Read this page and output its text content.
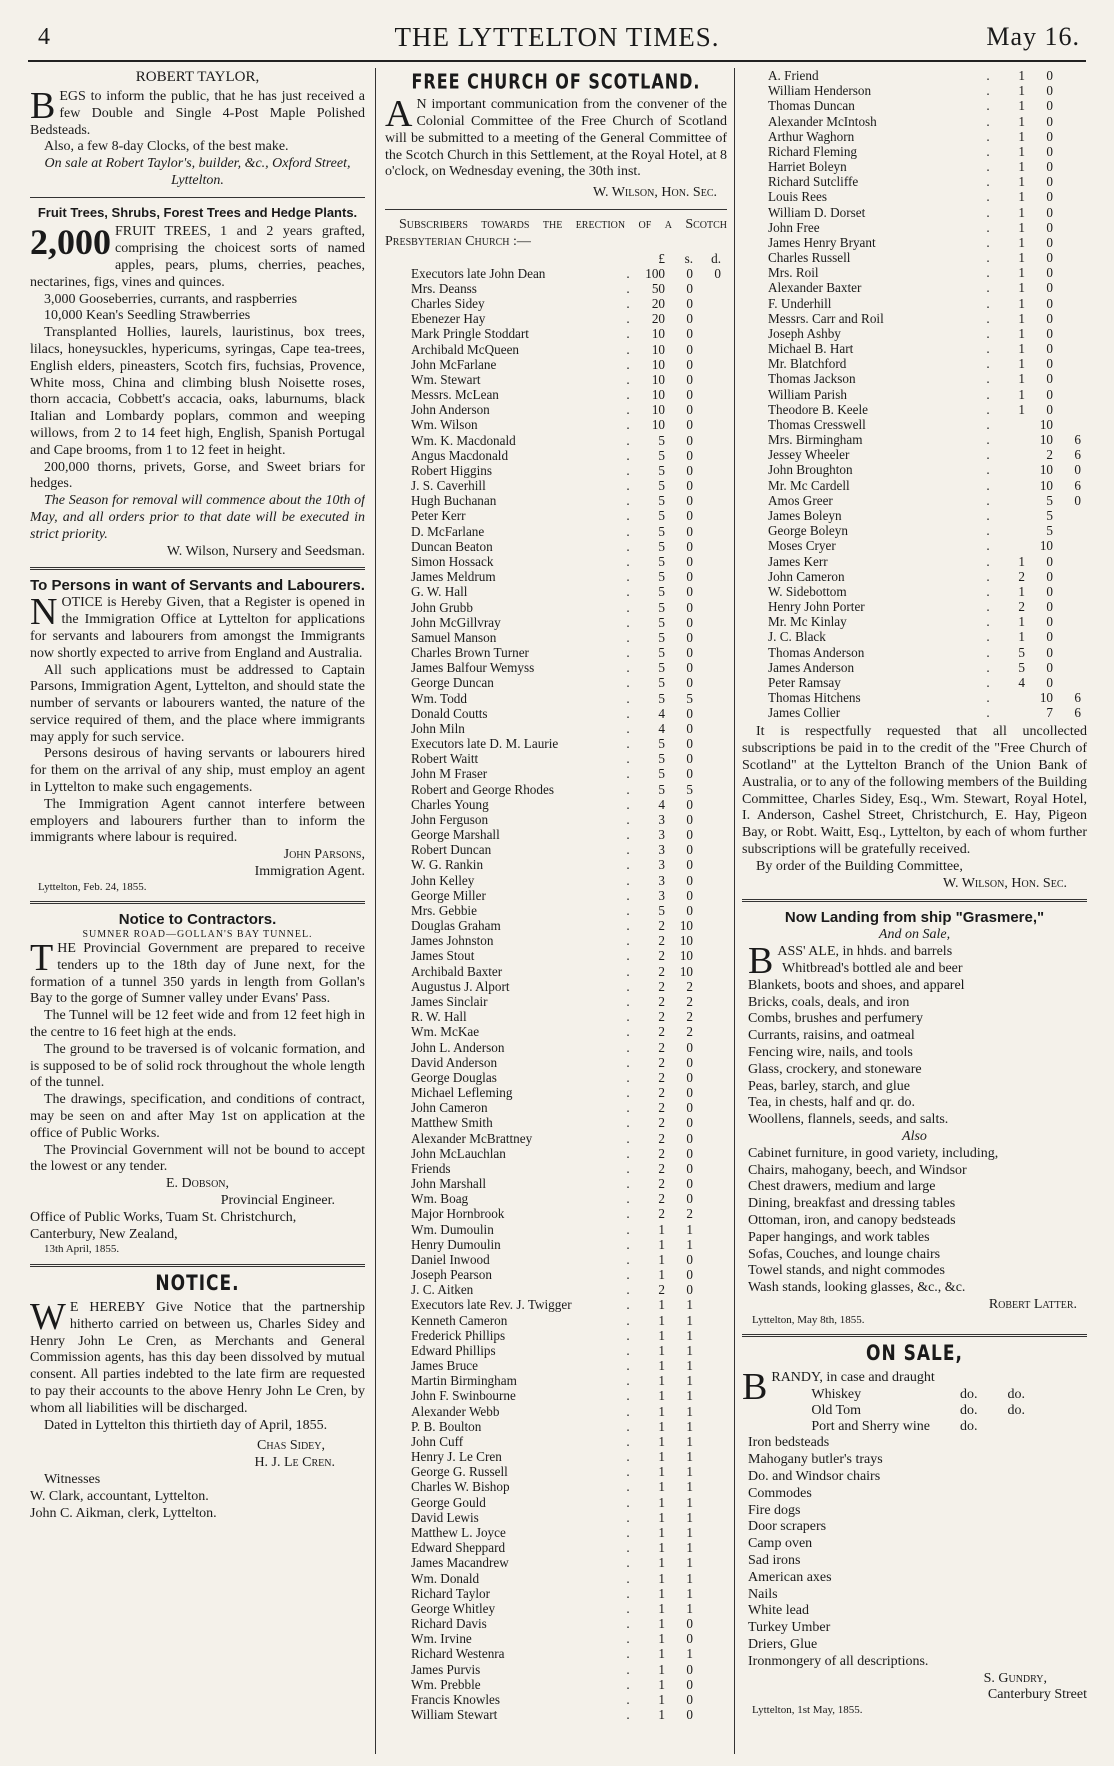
4	THE LYTTELTON TIMES.	May 16.

ROBERT TAYLOR,

BEGS to inform the public, that he has just received a few Double and Single 4-Post Maple Polished Bedsteads.

Also, a few 8-day Clocks, of the best make.

On sale at Robert Taylor's, builder, &c., Oxford Street, Lyttelton.

Fruit Trees, Shrubs, Forest Trees and Hedge Plants.

2,000 FRUIT TREES, 1 and 2 years grafted, comprising the choicest sorts of named apples, pears, plums, cherries, peaches, nectarines, figs, vines and quinces.

3,000 Gooseberries, currants, and raspberries

10,000 Kean's Seedling Strawberries

Transplanted Hollies, laurels, lauristinus, box trees, lilacs, honeysuckles, hypericums, syringas, Cape tea-trees, English elders, pineasters, Scotch firs, fuchsias, Provence, White moss, China and climbing blush Noisette roses, thorn accacia, Cobbett's accacia, oaks, laburnums, black Italian and Lombardy poplars, common and weeping willows, from 2 to 14 feet high, English, Spanish Portugal and Cape brooms, from 1 to 12 feet in height.

200,000 thorns, privets, Gorse, and Sweet briars for hedges.

The Season for removal will commence about the 10th of May, and all orders prior to that date will be executed in strict priority.

W. Wilson, Nursery and Seedsman.

To Persons in want of Servants and Labourers.

NOTICE is Hereby Given, that a Register is opened in the Immigration Office at Lyttelton for applications for servants and labourers from amongst the Immigrants now shortly expected to arrive from England and Australia.

All such applications must be addressed to Captain Parsons, Immigration Agent, Lyttelton, and should state the number of servants or labourers wanted, the nature of the service required of them, and the place where immigrants may apply for such service.

Persons desirous of having servants or labourers hired for them on the arrival of any ship, must employ an agent in Lyttelton to make such engagements.

The Immigration Agent cannot interfere between employers and labourers further than to inform the immigrants where labour is required.

John Parsons,

Immigration Agent.

Lyttelton, Feb. 24, 1855.

Notice to Contractors.

SUMNER ROAD—GOLLAN'S BAY TUNNEL.

THE Provincial Government are prepared to receive tenders up to the 18th day of June next, for the formation of a tunnel 350 yards in length from Gollan's Bay to the gorge of Sumner valley under Evans' Pass.

The Tunnel will be 12 feet wide and from 12 feet high in the centre to 16 feet high at the ends.

The ground to be traversed is of volcanic formation, and is supposed to be of solid rock throughout the whole length of the tunnel.

The drawings, specification, and conditions of contract, may be seen on and after May 1st on application at the office of Public Works.

The Provincial Government will not be bound to accept the lowest or any tender.

E. Dobson,

Provincial Engineer.

Office of Public Works, Tuam St. Christchurch, Canterbury, New Zealand,

13th April, 1855.

NOTICE.

W E HEREBY Give Notice that the partnership hitherto carried on between us, Charles Sidey and Henry John Le Cren, as Merchants and General Commission agents, has this day been dissolved by mutual consent. All parties indebted to the late firm are requested to pay their accounts to the above Henry John Le Cren, by whom all liabilities will be discharged.

Dated in Lyttelton this thirtieth day of April, 1855.

Chas Sidey,

H. J. Le Cren.

Witnesses

W. Clark, accountant, Lyttelton.

John C. Aikman, clerk, Lyttelton.

FREE CHURCH OF SCOTLAND.

A N important communication from the convener of the Colonial Committee of the Free Church of Scotland will be submitted to a meeting of the General Committee of the Scotch Church in this Settlement, at the Royal Hotel, at 8 o'clock, on Wednesday evening, the 30th inst.

W. Wilson, Hon. Sec.

Subscribers towards the erection of a Scotch Presbyterian Church :—

	£	s.	d.
Executors late John Dean	.	100	0	0
Mrs. Deanss	.	50	0	
Charles Sidey	.	20	0	
Ebenezer Hay	.	20	0	
Mark Pringle Stoddart	.	10	0	
Archibald McQueen	.	10	0	
John McFarlane	.	10	0	
Wm. Stewart	.	10	0	
Messrs. McLean	.	10	0	
John Anderson	.	10	0	
Wm. Wilson	.	10	0	
Wm. K. Macdonald	.	5	0	
Angus Macdonald	.	5	0	
Robert Higgins	.	5	0	
J. S. Caverhill	.	5	0	
Hugh Buchanan	.	5	0	
Peter Kerr	.	5	0	
D. McFarlane	.	5	0	
Duncan Beaton	.	5	0	
Simon Hossack	.	5	0	
James Meldrum	.	5	0	
G. W. Hall	.	5	0	
John Grubb	.	5	0	
John McGillvray	.	5	0	
Samuel Manson	.	5	0	
Charles Brown Turner	.	5	0	
James Balfour Wemyss	.	5	0	
George Duncan	.	5	0	
Wm. Todd	.	5	5	
Donald Coutts	.	4	0	
John Miln	.	4	0	
Executors late D. M. Laurie	.	5	0	
Robert Waitt	.	5	0	
John M Fraser	.	5	0	
Robert and George Rhodes	.	5	5	
Charles Young	.	4	0	
John Ferguson	.	3	0	
George Marshall	.	3	0	
Robert Duncan	.	3	0	
W. G. Rankin	.	3	0	
John Kelley	.	3	0	
George Miller	.	3	0	
Mrs. Gebbie	.	5	0	
Douglas Graham	.	2	10	
James Johnston	.	2	10	
James Stout	.	2	10	
Archibald Baxter	.	2	10	
Augustus J. Alport	.	2	2	
James Sinclair	.	2	2	
R. W. Hall	.	2	2	
Wm. McKae	.	2	2	
John L. Anderson	.	2	0	
David Anderson	.	2	0	
George Douglas	.	2	0	
Michael Lefleming	.	2	0	
John Cameron	.	2	0	
Matthew Smith	.	2	0	
Alexander McBrattney	.	2	0	
John McLauchlan	.	2	0	
Friends	.	2	0	
John Marshall	.	2	0	
Wm. Boag	.	2	0	
Major Hornbrook	.	2	2	
Wm. Dumoulin	.	1	1	
Henry Dumoulin	.	1	1	
Daniel Inwood	.	1	0	
Joseph Pearson	.	1	0	
J. C. Aitken	.	2	0	
Executors late Rev. J. Twigger	.	1	1	
Kenneth Cameron	.	1	1	
Frederick Phillips	.	1	1	
Edward Phillips	.	1	1	
James Bruce	.	1	1	
Martin Birmingham	.	1	1	
John F. Swinbourne	.	1	1	
Alexander Webb	.	1	1	
P. B. Boulton	.	1	1	
John Cuff	.	1	1	
Henry J. Le Cren	.	1	1	
George G. Russell	.	1	1	
Charles W. Bishop	.	1	1	
George Gould	.	1	1	
David Lewis	.	1	1	
Matthew L. Joyce	.	1	1	
Edward Sheppard	.	1	1	
James Macandrew	.	1	1	
Wm. Donald	.	1	1	
Richard Taylor	.	1	1	
George Whitley	.	1	1	
Richard Davis	.	1	0	
Wm. Irvine	.	1	0	
Richard Westenra	.	1	1	
James Purvis	.	1	0	
Wm. Prebble	.	1	0	
Francis Knowles	.	1	0	
William Stewart	.	1	0	
A. Friend	.	1	0	
William Henderson	.	1	0	
Thomas Duncan	.	1	0	
Alexander McIntosh	.	1	0	
Arthur Waghorn	.	1	0	
Richard Fleming	.	1	0	
Harriet Boleyn	.	1	0	
Richard Sutcliffe	.	1	0	
Louis Rees	.	1	0	
William D. Dorset	.	1	0	
John Free	.	1	0	
James Henry Bryant	.	1	0	
Charles Russell	.	1	0	
Mrs. Roil	.	1	0	
Alexander Baxter	.	1	0	
F. Underhill	.	1	0	
Messrs. Carr and Roil	.	1	0	
Joseph Ashby	.	1	0	
Michael B. Hart	.	1	0	
Mr. Blatchford	.	1	0	
Thomas Jackson	.	1	0	
William Parish	.	1	0	
Theodore B. Keele	.	1	0	
Thomas Cresswell	.		10	
Mrs. Birmingham	.		10	6
Jessey Wheeler	.		2	6
John Broughton	.		10	0
Mr. Mc Cardell	.		10	6
Amos Greer	.		5	0
James Boleyn	.		5	
George Boleyn	.		5	
Moses Cryer	.		10	
James Kerr	.	1	0	
John Cameron	.	2	0	
W. Sidebottom	.	1	0	
Henry John Porter	.	2	0	
Mr. Mc Kinlay	.	1	0	
J. C. Black	.	1	0	
Thomas Anderson	.	5	0	
James Anderson	.	5	0	
Peter Ramsay	.	4	0	
Thomas Hitchens	.		10	6
James Collier	.		7	6

It is respectfully requested that all uncollected subscriptions be paid in to the credit of the "Free Church of Scotland" at the Lyttelton Branch of the Union Bank of Australia, or to any of the following members of the Building Committee, Charles Sidey, Esq., Wm. Stewart, Royal Hotel, I. Anderson, Cashel Street, Christchurch, E. Hay, Pigeon Bay, or Robt. Waitt, Esq., Lyttelton, by each of whom further subscriptions will be gratefully received.

By order of the Building Committee,

W. Wilson, Hon. Sec.

Now Landing from ship "Grasmere,"

And on Sale,

BASS' ALE, in hhds. and barrels

Whitbread's bottled ale and beer

Blankets, boots and shoes, and apparel

Bricks, coals, deals, and iron

Combs, brushes and perfumery

Currants, raisins, and oatmeal

Fencing wire, nails, and tools

Glass, crockery, and stoneware

Peas, barley, starch, and glue

Tea, in chests, half and qr. do.

Woollens, flannels, seeds, and salts.

Also

Cabinet furniture, in good variety, including,

Chairs, mahogany, beech, and Windsor

Chest drawers, medium and large

Dining, breakfast and dressing tables

Ottoman, iron, and canopy bedsteads

Paper hangings, and work tables

Sofas, Couches, and lounge chairs

Towel stands, and night commodes

Wash stands, looking glasses, &c., &c.

Robert Latter.

Lyttelton, May 8th, 1855.

ON SALE,

BRANDY, in case and draught

Whiskey	do.	do.
Old Tom	do.	do.
Port and Sherry wine	do.	

Iron bedsteads

Mahogany butler's trays

Do. and Windsor chairs

Commodes

Fire dogs

Door scrapers

Camp oven

Sad irons

American axes

Nails

White lead

Turkey Umber

Driers, Glue

Ironmongery of all descriptions.

S. Gundry,

Canterbury Street

Lyttelton, 1st May, 1855.
